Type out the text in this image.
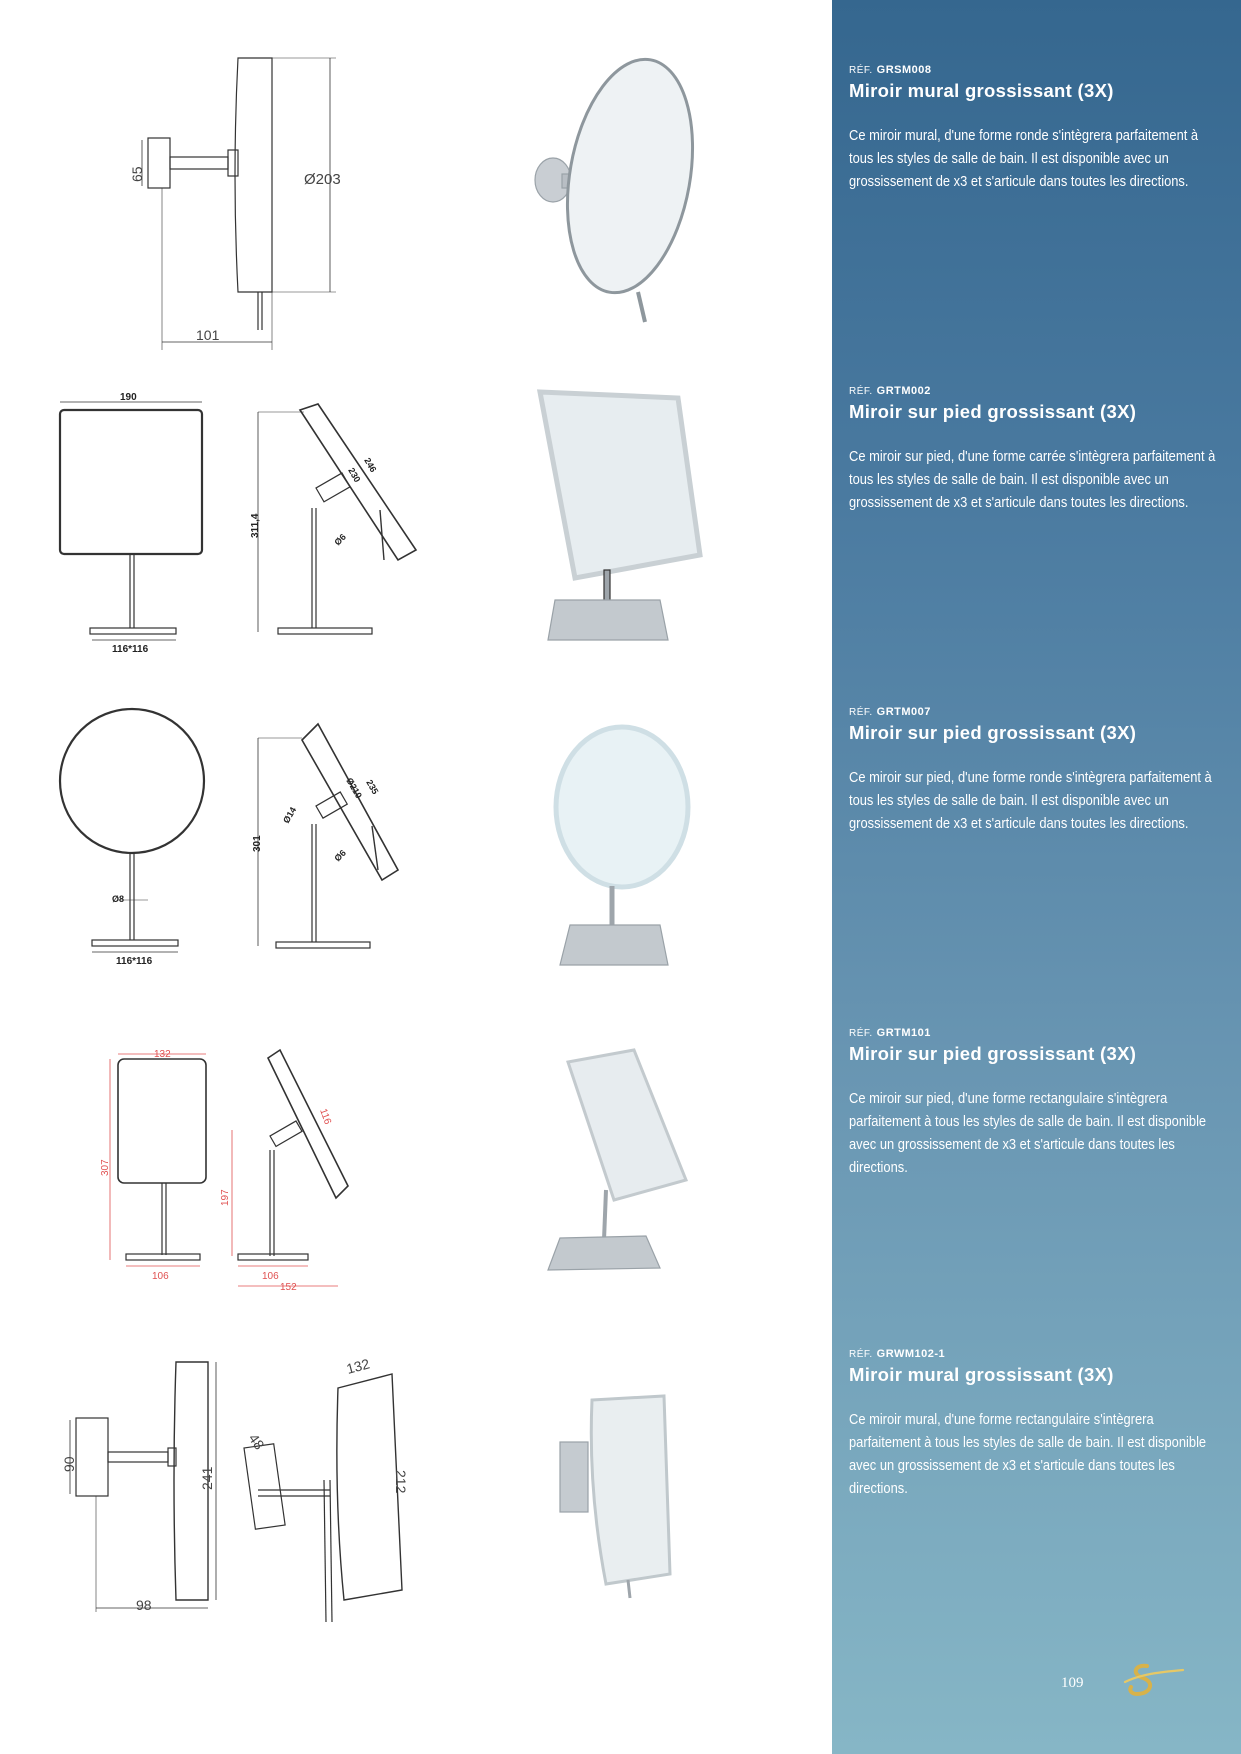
65	Ø203
101
190
116*116
311,4
230
246
Ø6
Ø8
116*116
301
Ø14
Ø210 235
Ø6
132
307
106
116
197
106
152
90
241
98
48
132
212

RÉF. GRSM008

Miroir mural grossissant (3X)

Ce miroir mural, d'une forme ronde s'intègrera parfaitement à tous les styles de salle de bain. Il est disponible avec un grossissement de x3 et s'articule dans toutes les directions.

RÉF. GRTM002

Miroir sur pied grossissant (3X)

Ce miroir sur pied, d'une forme carrée s'intègrera parfaitement à tous les styles de salle de bain. Il est disponible avec un grossissement de x3 et s'articule dans toutes les directions.

RÉF. GRTM007

Miroir sur pied grossissant (3X)

Ce miroir sur pied, d'une forme ronde s'intègrera parfaitement à tous les styles de salle de bain. Il est disponible avec un grossissement de x3 et s'articule dans toutes les directions.

RÉF. GRTM101

Miroir sur pied grossissant (3X)

Ce miroir sur pied, d'une forme rectangulaire s'intègrera parfaitement à tous les styles de salle de bain. Il est disponible avec un grossissement de x3 et s'articule dans toutes les directions.

RÉF. GRWM102-1

Miroir mural grossissant (3X)

Ce miroir mural, d'une forme rectangulaire s'intègrera parfaitement à tous les styles de salle de bain. Il est disponible avec un grossissement de x3 et s'articule dans toutes les directions.

109
